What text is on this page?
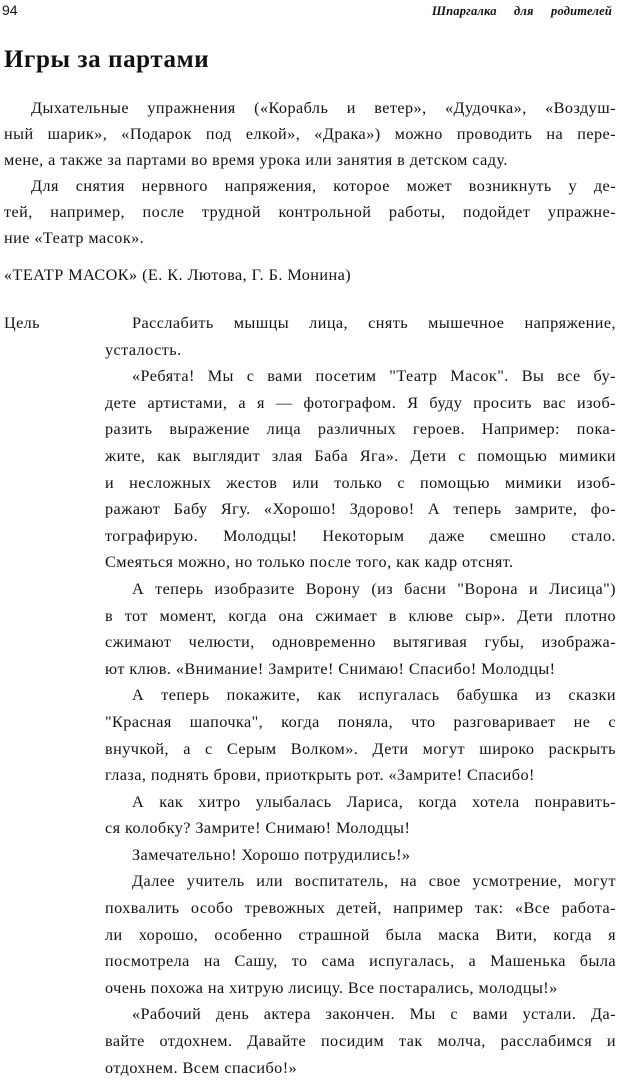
94	Шпаргалка для родителей
Игры за партами
Дыхательные упражнения («Корабль и ветер», «Дудочка», «Воздуш-
ный шарик», «Подарок под елкой», «Драка») можно проводить на пере-
мене, а также за партами во время урока или занятия в детском саду.
Для снятия нервного напряжения, которое может возникнуть у де-
тей, например, после трудной контрольной работы, подойдет упражне-
ние «Театр масок».
«ТЕАТР МАСОК» (Е. К. Лютова, Г. Б. Монина)
Цель	Расслабить мышцы лица, снять мышечное напряжение,
усталость.
«Ребята! Мы с вами посетим "Театр Масок". Вы все бу-
дете артистами, а я — фотографом. Я буду просить вас изоб-
разить выражение лица различных героев. Например: пока-
жите, как выглядит злая Баба Яга». Дети с помощью мимики
и несложных жестов или только с помощью мимики изоб-
ражают Бабу Ягу. «Хорошо! Здорово! А теперь замрите, фо-
тографирую. Молодцы! Некоторым даже смешно стало.
Смеяться можно, но только после того, как кадр отснят.
А теперь изобразите Ворону (из басни "Ворона и Лисица")
в тот момент, когда она сжимает в клюве сыр». Дети плотно
сжимают челюсти, одновременно вытягивая губы, изобража-
ют клюв. «Внимание! Замрите! Снимаю! Спасибо! Молодцы!
А теперь покажите, как испугалась бабушка из сказки
"Красная шапочка", когда поняла, что разговаривает не с
внучкой, а с Серым Волком». Дети могут широко раскрыть
глаза, поднять брови, приоткрыть рот. «Замрите! Спасибо!
А как хитро улыбалась Лариса, когда хотела понравить-
ся колобку? Замрите! Снимаю! Молодцы!
Замечательно! Хорошо потрудились!»
Далее учитель или воспитатель, на свое усмотрение, могут
похвалить особо тревожных детей, например так: «Все работа-
ли хорошо, особенно страшной была маска Вити, когда я
посмотрела на Сашу, то сама испугалась, а Машенька была
очень похожа на хитрую лисицу. Все постарались, молодцы!»
«Рабочий день актера закончен. Мы с вами устали. Да-
вайте отдохнем. Давайте посидим так молча, расслабимся и
отдохнем. Всем спасибо!»
